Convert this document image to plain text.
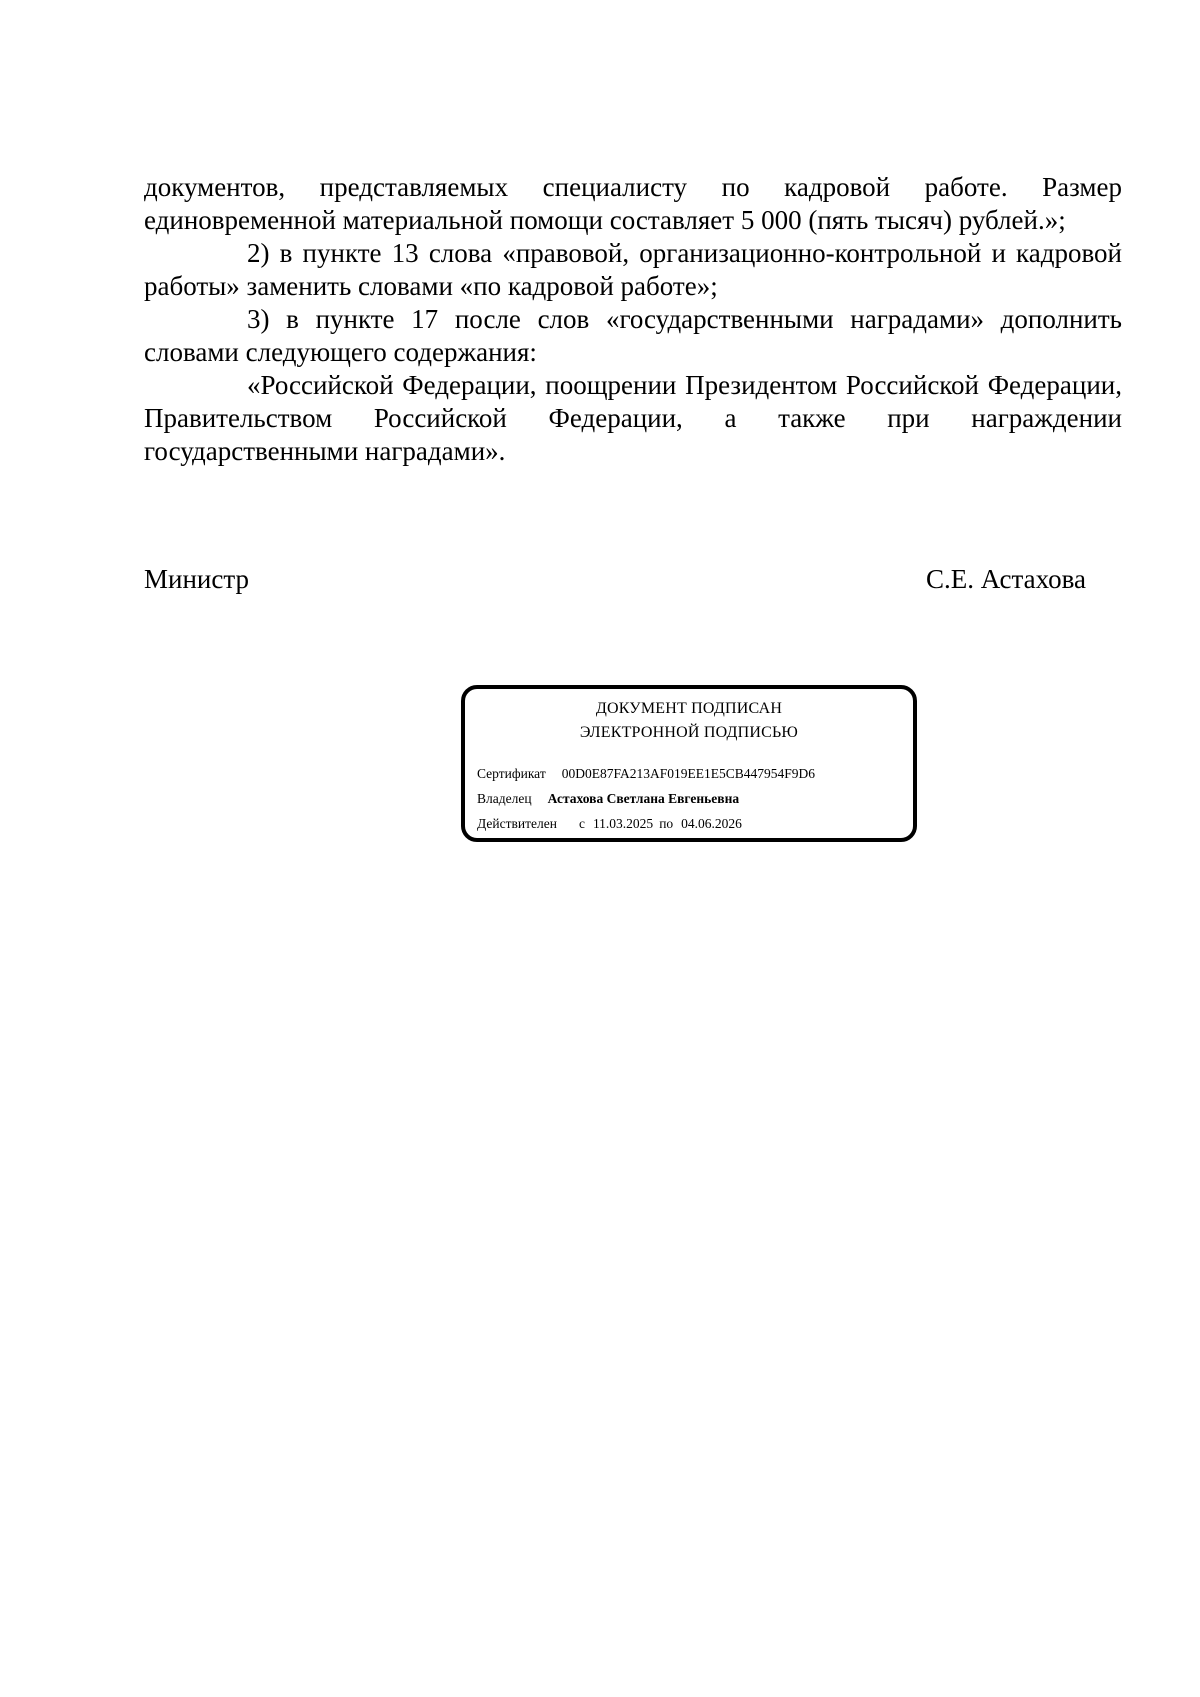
документов, представляемых специалисту по кадровой работе. Размер единовременной материальной помощи составляет 5 000 (пять тысяч) рублей.»;

2) в пункте 13 слова «правовой, организационно-контрольной и кадровой работы» заменить словами «по кадровой работе»;

3) в пункте 17 после слов «государственными наградами» дополнить словами следующего содержания:

«Российской Федерации, поощрении Президентом Российской Федерации, Правительством Российской Федерации, а также при награждении государственными наградами».

Министр	С.Е. Астахова
ДОКУМЕНТ ПОДПИСАН
ЭЛЕКТРОННОЙ ПОДПИСЬЮ
Сертификат 00D0E87FA213AF019EE1E5CB447954F9D6
Владелец Астахова Светлана Евгеньевна
Действителен с 11.03.2025 по 04.06.2026
